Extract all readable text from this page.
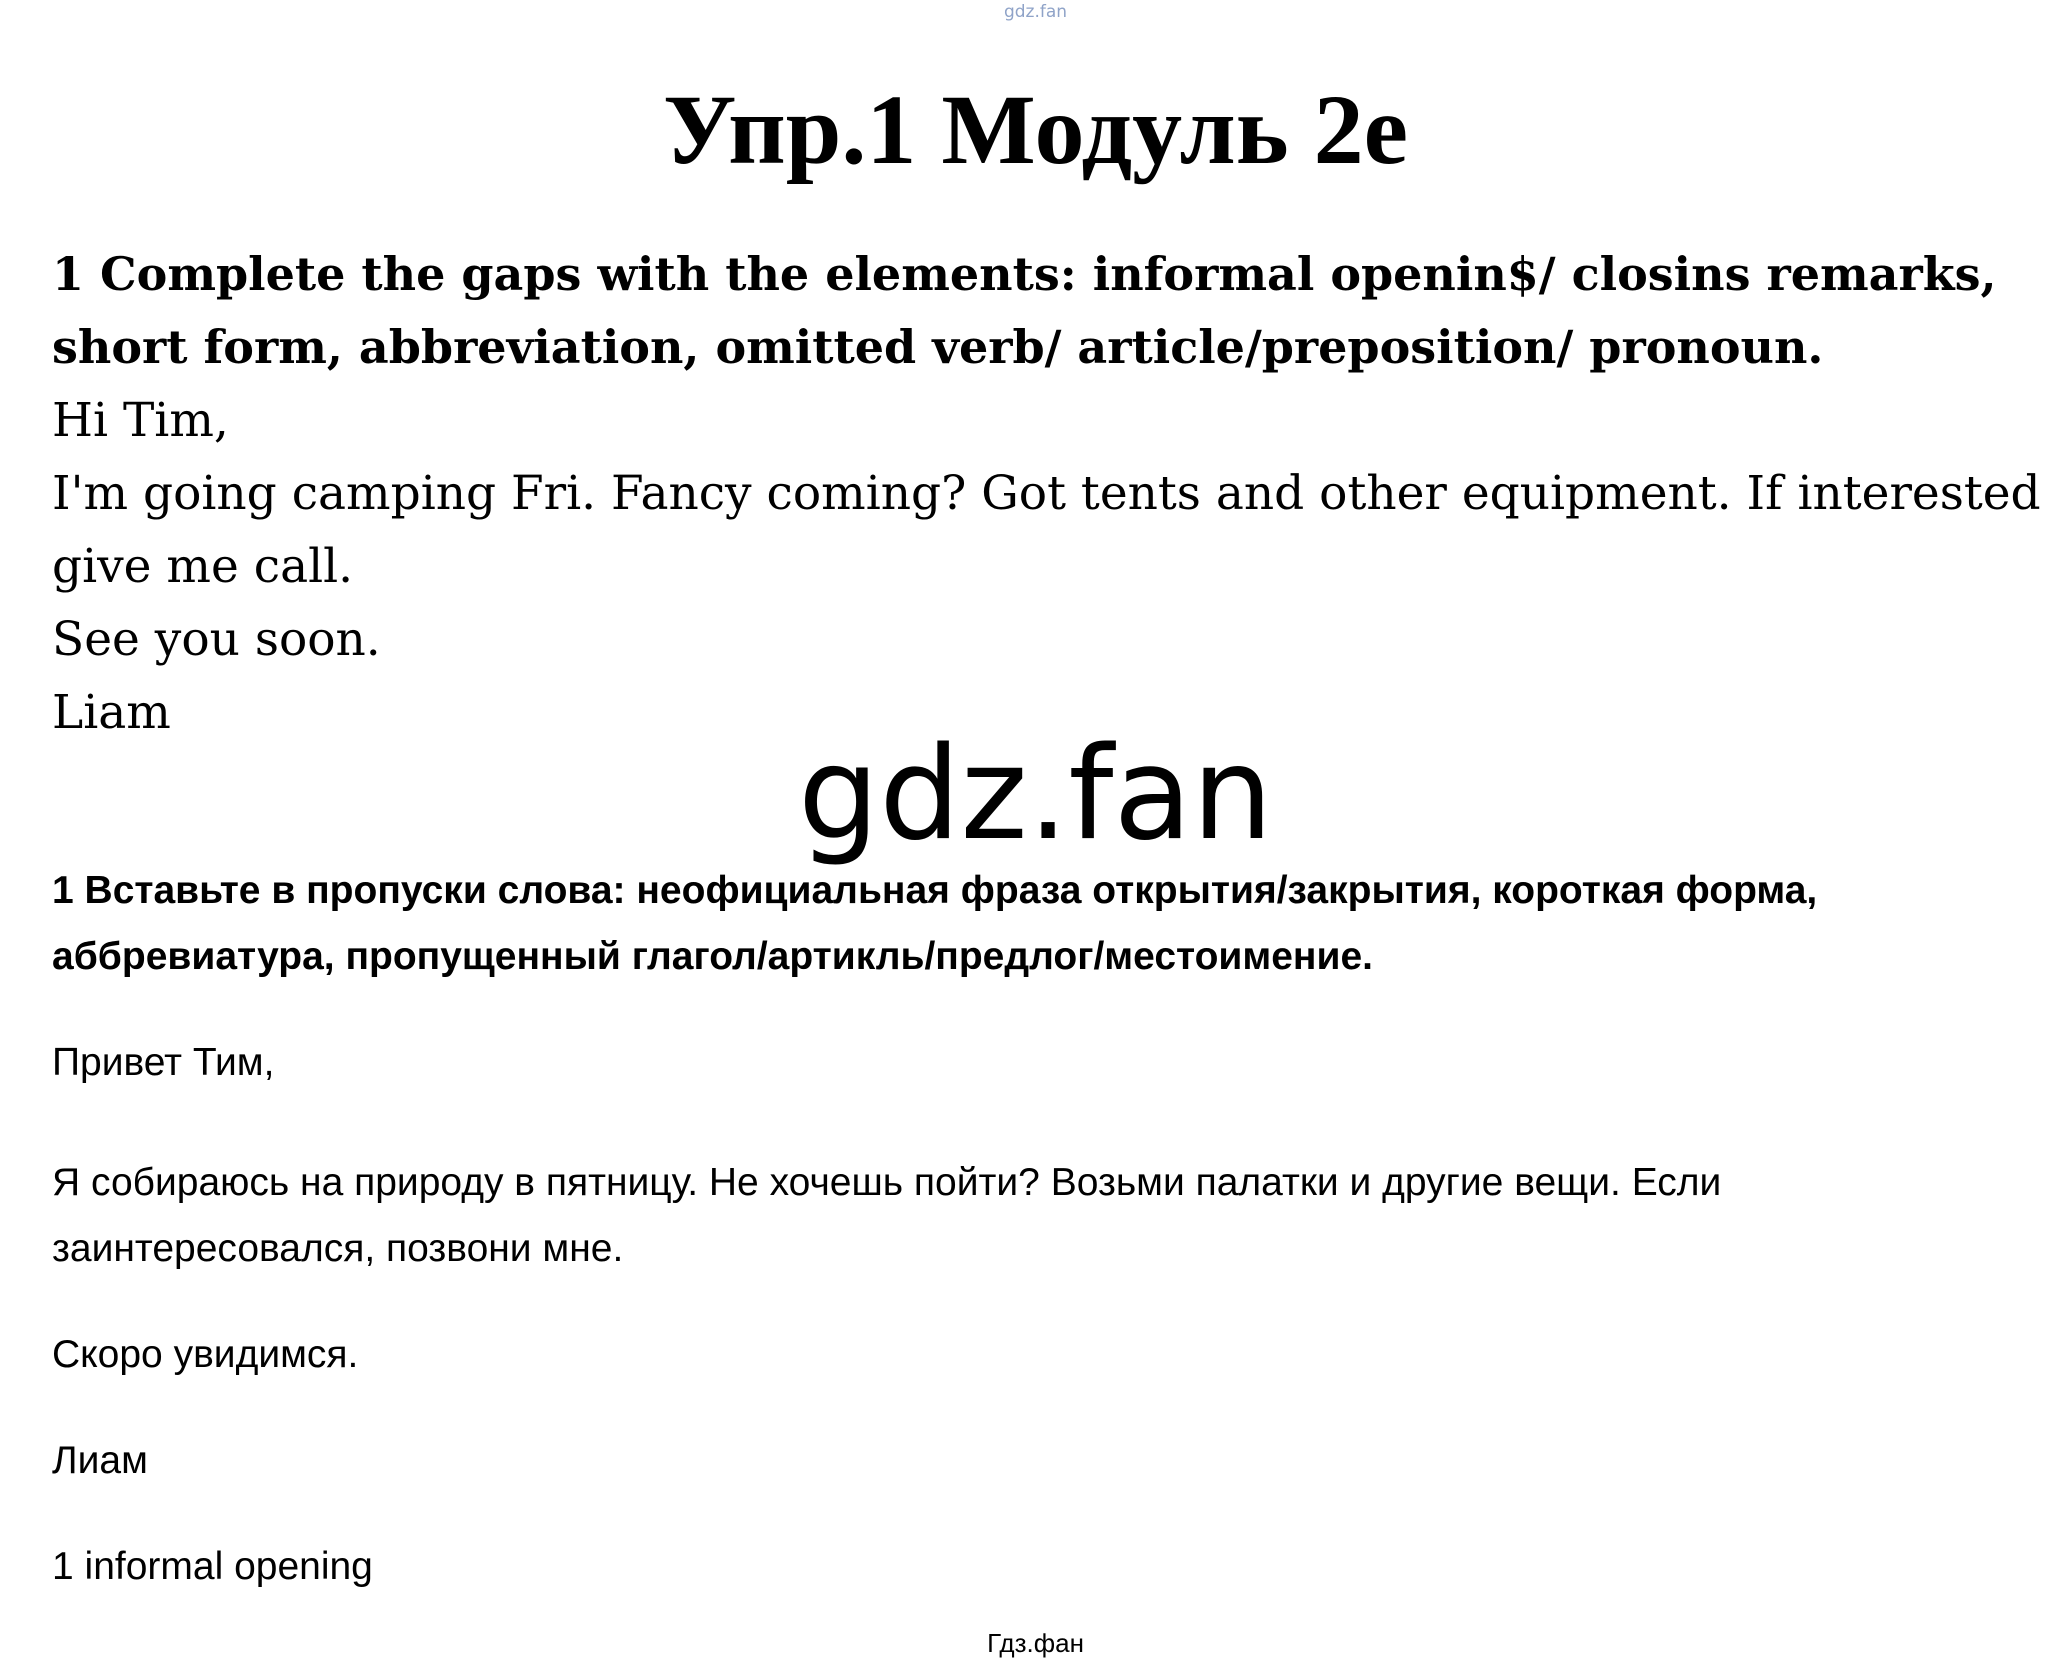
gdz.fan
Упр.1 Модуль 2e
1 Complete the gaps with the elements: informal openin$/ closins remarks,
short form, abbreviation, omitted verb/ article/preposition/ pronoun.
Hi Tim,
I'm going camping Fri. Fancy coming? Got tents and other equipment. If interested
give me call.
See you soon.
Liam
gdz.fan
1 Вставьте в пропуски слова: неофициальная фраза открытия/закрытия, короткая форма,
аббревиатура, пропущенный глагол/артикль/предлог/местоимение.

Привет Тим,

Я собираюсь на природу в пятницу. Не хочешь пойти? Возьми палатки и другие вещи. Если

заинтересовался, позвони мне.

Скоро увидимся.

Лиам

1 informal opening

Гдз.фан
